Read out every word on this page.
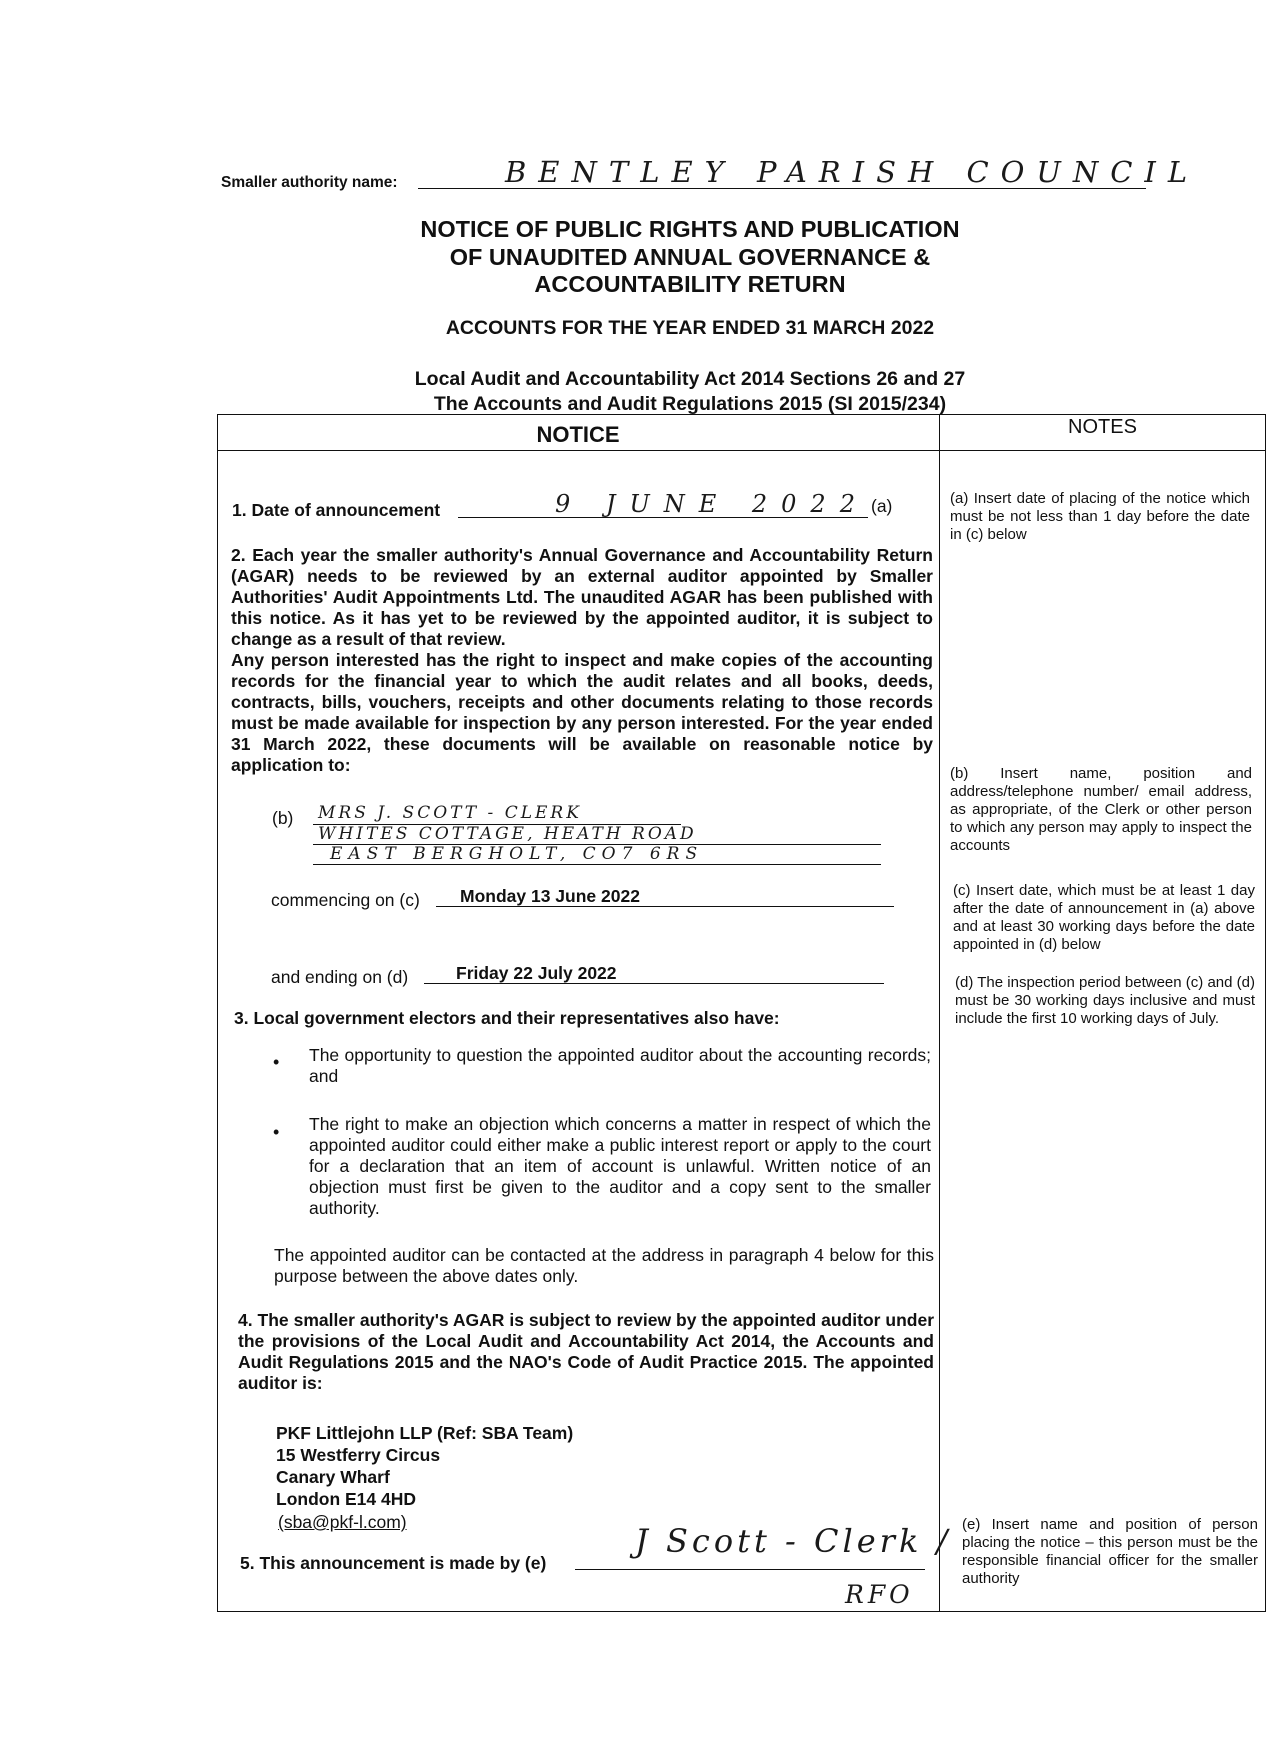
Smaller authority name:	BENTLEY PARISH COUNCIL
NOTICE OF PUBLIC RIGHTS AND PUBLICATION
OF UNAUDITED ANNUAL GOVERNANCE &
ACCOUNTABILITY RETURN
ACCOUNTS FOR THE YEAR ENDED 31 MARCH 2022
Local Audit and Accountability Act 2014 Sections 26 and 27
The Accounts and Audit Regulations 2015 (SI 2015/234)
NOTICE	NOTES
1. Date of announcement	9 JUNE 2022 (a)
2. Each year the smaller authority's Annual Governance and Accountability Return (AGAR) needs to be reviewed by an external auditor appointed by Smaller Authorities' Audit Appointments Ltd. The unaudited AGAR has been published with this notice. As it has yet to be reviewed by the appointed auditor, it is subject to change as a result of that review.
Any person interested has the right to inspect and make copies of the accounting records for the financial year to which the audit relates and all books, deeds, contracts, bills, vouchers, receipts and other documents relating to those records must be made available for inspection by any person interested. For the year ended 31 March 2022, these documents will be available on reasonable notice by application to:
(b) MRS J. SCOTT - CLERK
WHITES COTTAGE, HEATH ROAD
EAST BERGHOLT, CO7 6RS
commencing on (c) Monday 13 June 2022
and ending on (d)	Friday 22 July 2022
3. Local government electors and their representatives also have:
• The opportunity to question the appointed auditor about the accounting records; and
• The right to make an objection which concerns a matter in respect of which the appointed auditor could either make a public interest report or apply to the court for a declaration that an item of account is unlawful. Written notice of an objection must first be given to the auditor and a copy sent to the smaller authority.
The appointed auditor can be contacted at the address in paragraph 4 below for this purpose between the above dates only.
4. The smaller authority's AGAR is subject to review by the appointed auditor under the provisions of the Local Audit and Accountability Act 2014, the Accounts and Audit Regulations 2015 and the NAO's Code of Audit Practice 2015. The appointed auditor is:
PKF Littlejohn LLP (Ref: SBA Team)
15 Westferry Circus
Canary Wharf
London E14 4HD
(sba@pkf-l.com)
5. This announcement is made by (e)
J Scott - Clerk /
RFO
(a) Insert date of placing of the notice which must be not less than 1 day before the date in (c) below
(b) Insert name, position and address/telephone number/ email address, as appropriate, of the Clerk or other person to which any person may apply to inspect the accounts
(c) Insert date, which must be at least 1 day after the date of announcement in (a) above and at least 30 working days before the date appointed in (d) below
(d) The inspection period between (c) and (d) must be 30 working days inclusive and must include the first 10 working days of July.
(e) Insert name and position of person placing the notice – this person must be the responsible financial officer for the smaller authority
